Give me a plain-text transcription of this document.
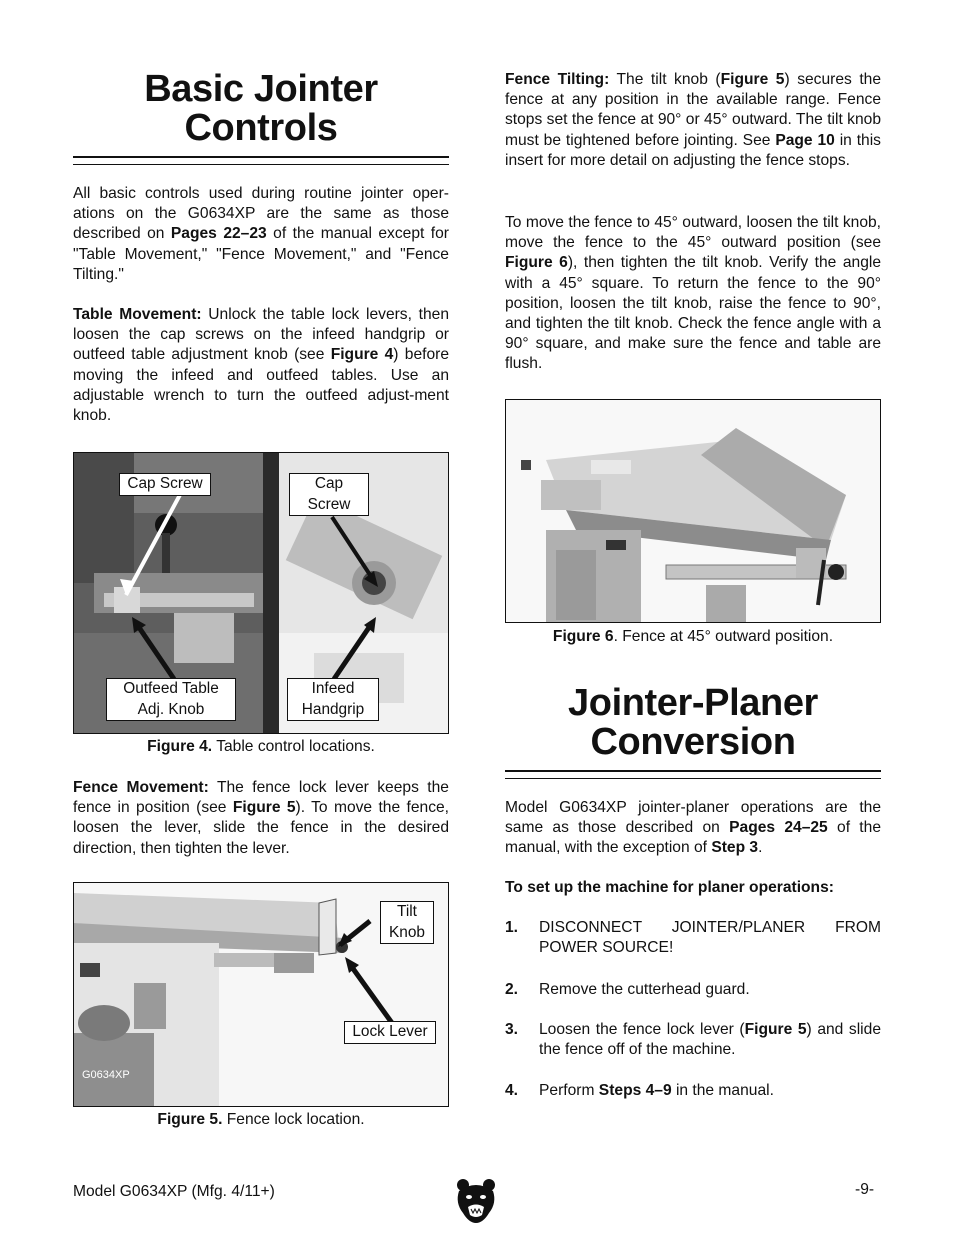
Basic Jointer
Controls

All basic controls used during routine jointer oper- ations on the G0634XP are the same as those described on Pages 22–23 of the manual except for "Table Movement," "Fence Movement," and "Fence Tilting."

Table Movement: Unlock the table lock levers, then loosen the cap screws on the infeed handgrip or outfeed table adjustment knob (see Figure 4) before moving the infeed and outfeed tables. Use an adjustable wrench to turn the outfeed adjust-ment knob.

Cap Screw	Cap
Screw
Outfeed Table
Adj. Knob
Infeed
Handgrip
Figure 4. Table control locations.

Fence Movement: The fence lock lever keeps the fence in position (see Figure 5). To move the fence, loosen the lever, slide the fence in the desired direction, then tighten the lever.

G0634XP
Tilt
Knob
Lock Lever
Figure 5. Fence lock location.

Fence Tilting: The tilt knob (Figure 5) secures the fence at any position in the available range. Fence stops set the fence at 90° or 45° outward. The tilt knob must be tightened before jointing. See Page 10 in this insert for more detail on adjusting the fence stops.

To move the fence to 45° outward, loosen the tilt knob, move the fence to the 45° outward position (see Figure 6), then tighten the tilt knob. Verify the angle with a 45° square. To return the fence to the 90° position, loosen the tilt knob, raise the fence to 90°, and tighten the tilt knob. Check the fence angle with a 90° square, and make sure the fence and table are flush.

Figure 6. Fence at 45° outward position.
Jointer-Planer
Conversion

Model G0634XP jointer-planer operations are the same as those described on Pages 24–25 of the manual, with the exception of Step 3.

To set up the machine for planer operations:

1. DISCONNECT JOINTER/PLANER FROM POWER SOURCE!
2. Remove the cutterhead guard.
3. Loosen the fence lock lever (Figure 5) and slide the fence off of the machine.
4. Perform Steps 4–9 in the manual.
Model G0634XP (Mfg. 4/11+)	-9-
